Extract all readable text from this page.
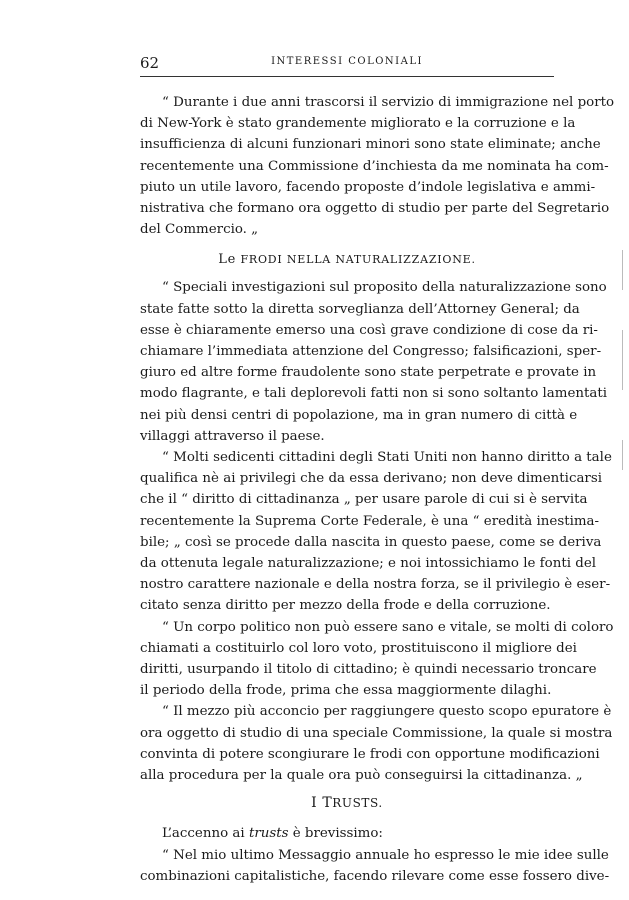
62	INTERESSI COLONIALI

“ Durante i due anni trascorsi il servizio di immigrazione nel porto
di New-York è stato grandemente migliorato e la corruzione e la
insufficienza di alcuni funzionari minori sono state eliminate; anche
recentemente una Commissione d’inchiesta da me nominata ha com-
piuto un utile lavoro, facendo proposte d’indole legislativa e ammi-
nistrativa che formano ora oggetto di studio per parte del Segretario
del Commercio. „

Le FRODI NELLA NATURALIZZAZIONE.

“ Speciali investigazioni sul proposito della naturalizzazione sono
state fatte sotto la diretta sorveglianza dell’Attorney General; da
esse è chiaramente emerso una così grave condizione di cose da ri-
chiamare l’immediata attenzione del Congresso; falsificazioni, sper-
giuro ed altre forme fraudolente sono state perpetrate e provate in
modo flagrante, e tali deplorevoli fatti non si sono soltanto lamentati
nei più densi centri di popolazione, ma in gran numero di città e
villaggi attraverso il paese.

“ Molti sedicenti cittadini degli Stati Uniti non hanno diritto a tale
qualifica nè ai privilegi che da essa derivano; non deve dimenticarsi
che il “ diritto di cittadinanza „ per usare parole di cui si è servita
recentemente la Suprema Corte Federale, è una “ eredità inestima-
bile; „ così se procede dalla nascita in questo paese, come se deriva
da ottenuta legale naturalizzazione; e noi intossichiamo le fonti del
nostro carattere nazionale e della nostra forza, se il privilegio è eser-
citato senza diritto per mezzo della frode e della corruzione.

“ Un corpo politico non può essere sano e vitale, se molti di coloro
chiamati a costituirlo col loro voto, prostituiscono il migliore dei
diritti, usurpando il titolo di cittadino; è quindi necessario troncare
il periodo della frode, prima che essa maggiormente dilaghi.

“ Il mezzo più acconcio per raggiungere questo scopo epuratore è
ora oggetto di studio di una speciale Commissione, la quale si mostra
convinta di potere scongiurare le frodi con opportune modificazioni
alla procedura per la quale ora può conseguirsi la cittadinanza. „

I TRUSTS.

L’accenno ai trusts è brevissimo:

“ Nel mio ultimo Messaggio annuale ho espresso le mie idee sulle
combinazioni capitalistiche, facendo rilevare come esse fossero dive-
